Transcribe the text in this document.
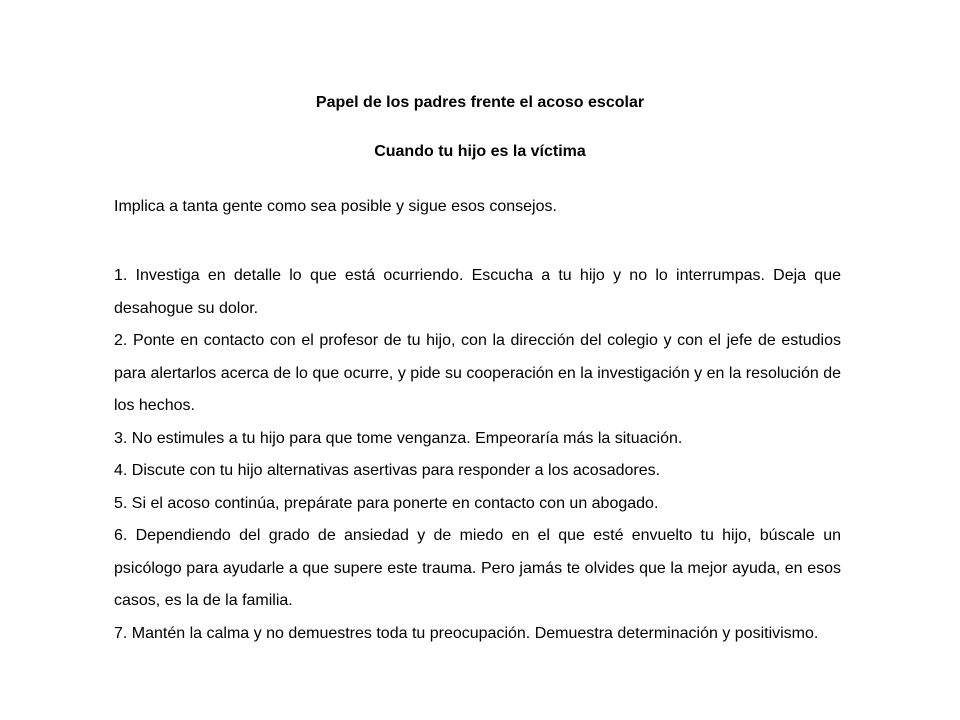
Papel de los padres frente el acoso escolar
Cuando tu hijo es la víctima

Implica a tanta gente como sea posible y sigue esos consejos.

1. Investiga en detalle lo que está ocurriendo. Escucha a tu hijo y no lo interrumpas. Deja que desahogue su dolor.
2. Ponte en contacto con el profesor de tu hijo, con la dirección del colegio y con el jefe de estudios para alertarlos acerca de lo que ocurre, y pide su cooperación en la investigación y en la resolución de los hechos.
3. No estimules a tu hijo para que tome venganza. Empeoraría más la situación.
4. Discute con tu hijo alternativas asertivas para responder a los acosadores.
5. Si el acoso continúa, prepárate para ponerte en contacto con un abogado.
6. Dependiendo del grado de ansiedad y de miedo en el que esté envuelto tu hijo, búscale un psicólogo para ayudarle a que supere este trauma. Pero jamás te olvides que la mejor ayuda, en esos casos, es la de la familia.
7. Mantén la calma y no demuestres toda tu preocupación. Demuestra determinación y positivismo.
